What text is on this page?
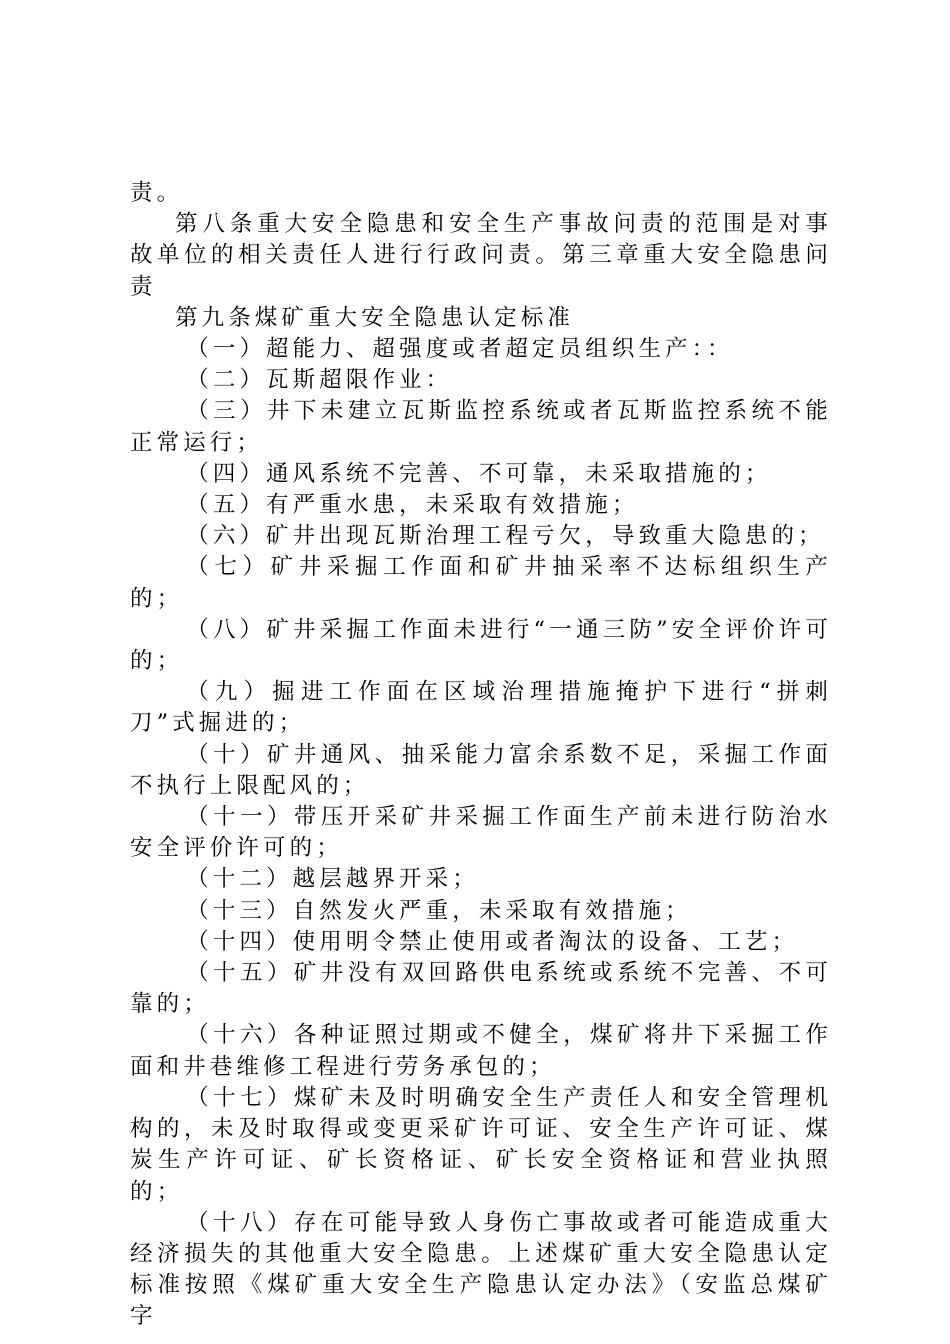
责。

第八条重大安全隐患和安全生产事故问责的范围是对事故单位的相关责任人进行行政问责。第三章重大安全隐患问责

第九条煤矿重大安全隐患认定标准

（一）超能力、超强度或者超定员组织生产：：

（二）瓦斯超限作业：

（三）井下未建立瓦斯监控系统或者瓦斯监控系统不能正常运行；

（四）通风系统不完善、不可靠，未采取措施的；

（五）有严重水患，未采取有效措施；

（六）矿井出现瓦斯治理工程亏欠，导致重大隐患的；

（七）矿井采掘工作面和矿井抽采率不达标组织生产的；

（八）矿井采掘工作面未进行“一通三防”安全评价许可的；

（九）掘进工作面在区域治理措施掩护下进行“拼刺刀”式掘进的；

（十）矿井通风、抽采能力富余系数不足，采掘工作面不执行上限配风的；

（十一）带压开采矿井采掘工作面生产前未进行防治水安全评价许可的；

（十二）越层越界开采；

（十三）自然发火严重，未采取有效措施；

（十四）使用明令禁止使用或者淘汰的设备、工艺；

（十五）矿井没有双回路供电系统或系统不完善、不可靠的；

（十六）各种证照过期或不健全，煤矿将井下采掘工作面和井巷维修工程进行劳务承包的；

（十七）煤矿未及时明确安全生产责任人和安全管理机构的，未及时取得或变更采矿许可证、安全生产许可证、煤炭生产许可证、矿长资格证、矿长安全资格证和营业执照的；

（十八）存在可能导致人身伤亡事故或者可能造成重大经济损失的其他重大安全隐患。上述煤矿重大安全隐患认定标准按照《煤矿重大安全生产隐患认定办法》（安监总煤矿字
